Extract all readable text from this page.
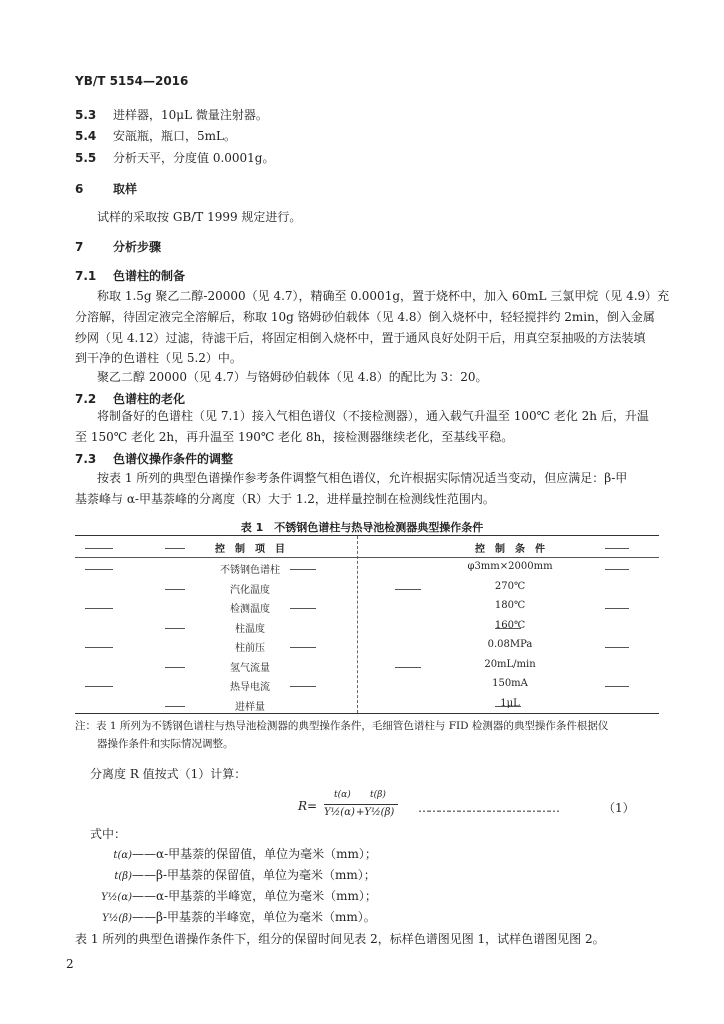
YB/T 5154—2016
5.3 进样器，10μL 微量注射器。
5.4 安瓿瓶，瓶口，5mL。
5.5 分析天平，分度值 0.0001g。
6 取样
试样的采取按 GB/T 1999 规定进行。
7 分析步骤
7.1 色谱柱的制备
称取 1.5g 聚乙二醇-20000（见 4.7），精确至 0.0001g，置于烧杯中，加入 60mL 三氯甲烷（见 4.9）充
分溶解，待固定液完全溶解后，称取 10g 铬姆砂伯载体（见 4.8）倒入烧杯中，轻轻搅拌约 2min，倒入金属
纱网（见 4.12）过滤，待滤干后，将固定相倒入烧杯中，置于通风良好处阴干后，用真空泵抽吸的方法装填
到干净的色谱柱（见 5.2）中。
聚乙二醇 20000（见 4.7）与铬姆砂伯载体（见 4.8）的配比为 3：20。
7.2 色谱柱的老化
将制备好的色谱柱（见 7.1）接入气相色谱仪（不接检测器），通入载气升温至 100℃ 老化 2h 后，升温
至 150℃ 老化 2h，再升温至 190℃ 老化 8h，接检测器继续老化，至基线平稳。
7.3 色谱仪操作条件的调整
按表 1 所列的典型色谱操作参考条件调整气相色谱仪，允许根据实际情况适当变动，但应满足：β-甲
基萘峰与 α-甲基萘峰的分离度（R）大于 1.2，进样量控制在检测线性范围内。
表 1　不锈钢色谱柱与热导池检测器典型操作条件
控　制　项　目	控　制　条　件
不锈钢色谱柱	φ3mm×2000mm
汽化温度	270℃
检测温度	180℃
柱温度	160℃
柱前压	0.08MPa
氢气流量	20mL/min
热导电流	150mA
进样量	1μL
注：表 1 所列为不锈钢色谱柱与热导池检测器的典型操作条件，毛细管色谱柱与 FID 检测器的典型操作条件根据仪
器操作条件和实际情况调整。
分离度 R 值按式（1）计算：
R=
t(α) t(β)
Y½(α) +Y½(β) ……………………………………	（1）
式中：
t(α)——α-甲基萘的保留值，单位为毫米（mm）；
t(β)——β-甲基萘的保留值，单位为毫米（mm）；
Y½(α)——α-甲基萘的半峰宽，单位为毫米（mm）；
Y½(β)——β-甲基萘的半峰宽，单位为毫米（mm）。
表 1 所列的典型色谱操作条件下，组分的保留时间见表 2，标样色谱图见图 1，试样色谱图见图 2。
2
